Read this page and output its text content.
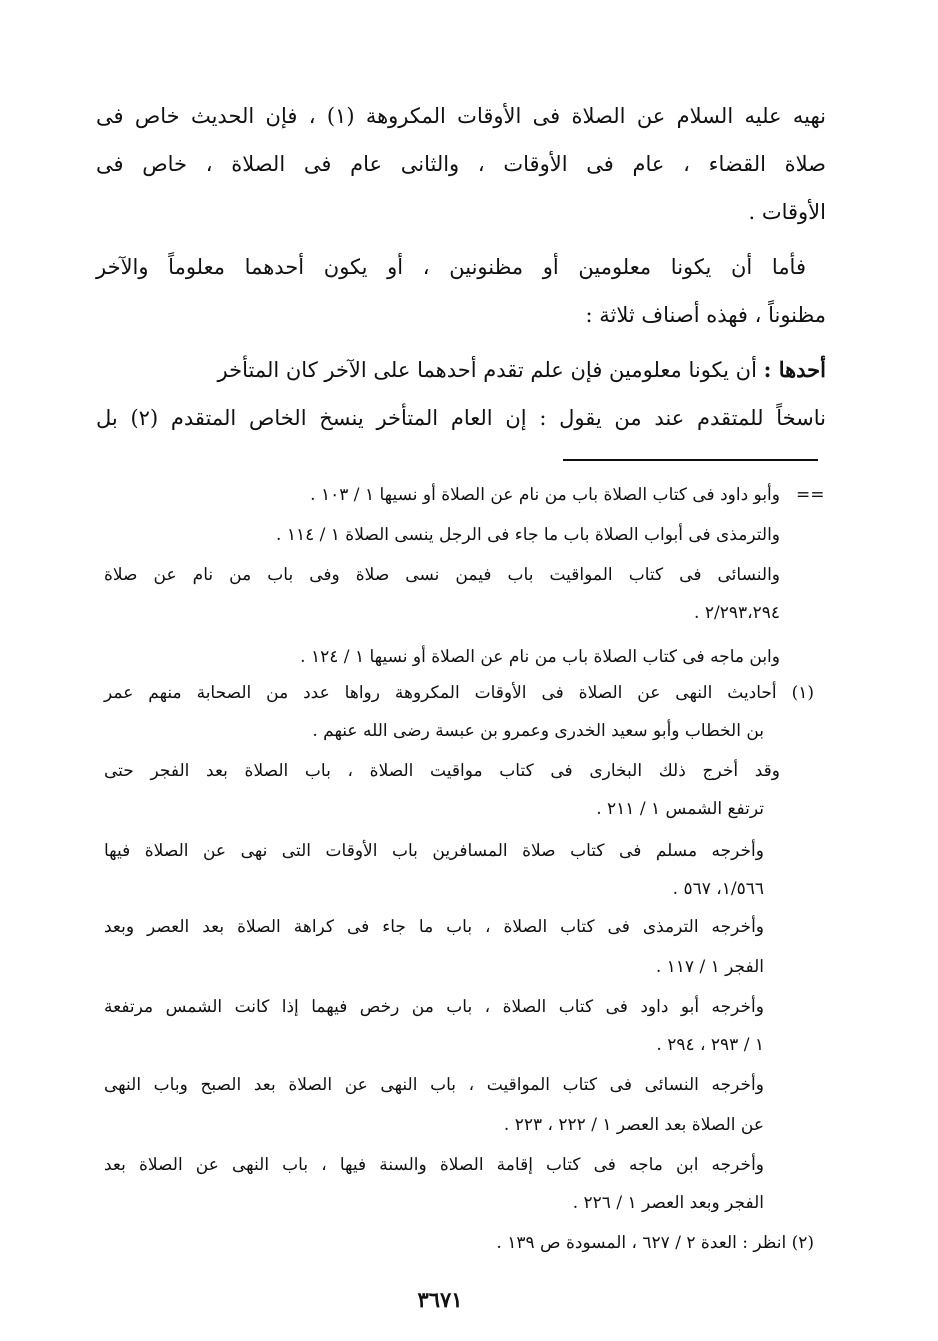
نهيه عليه السلام عن الصلاة فى الأوقات المكروهة (١) ، فإن الحديث خاص فى
صلاة القضاء ، عام فى الأوقات ، والثانى عام فى الصلاة ، خاص فى
الأوقات .
فأما أن يكونا معلومين أو مظنونين ، أو يكون أحدهما معلوماً والآخر
مظنوناً ، فهذه أصناف ثلاثة :
أحدها : أن يكونا معلومين فإن علم تقدم أحدهما على الآخر كان المتأخر
ناسخاً للمتقدم عند من يقول : إن العام المتأخر ينسخ الخاص المتقدم (٢) بل
==
وأبو داود فى كتاب الصلاة باب من نام عن الصلاة أو نسيها ١ / ١٠٣ .
والترمذى فى أبواب الصلاة باب ما جاء فى الرجل ينسى الصلاة ١ / ١١٤ .
والنسائى فى كتاب المواقيت باب فيمن نسى صلاة وفى باب من نام عن صلاة
٢/٢٩٣،٢٩٤ .
وابن ماجه فى كتاب الصلاة باب من نام عن الصلاة أو نسيها ١ / ١٢٤ .
(١) أحاديث النهى عن الصلاة فى الأوقات المكروهة رواها عدد من الصحابة منهم عمر
بن الخطاب وأبو سعيد الخدرى وعمرو بن عبسة رضى الله عنهم .
وقد أخرج ذلك البخارى فى كتاب مواقيت الصلاة ، باب الصلاة بعد الفجر حتى
ترتفع الشمس ١ / ٢١١ .
وأخرجه مسلم فى كتاب صلاة المسافرين باب الأوقات التى نهى عن الصلاة فيها
١/٥٦٦، ٥٦٧ .
وأخرجه الترمذى فى كتاب الصلاة ، باب ما جاء فى كراهة الصلاة بعد العصر وبعد
الفجر ١ / ١١٧ .
وأخرجه أبو داود فى كتاب الصلاة ، باب من رخص فيهما إذا كانت الشمس مرتفعة
١ / ٢٩٣ ، ٢٩٤ .
وأخرجه النسائى فى كتاب المواقيت ، باب النهى عن الصلاة بعد الصبح وباب النهى
عن الصلاة بعد العصر ١ / ٢٢٢ ، ٢٢٣ .
وأخرجه ابن ماجه فى كتاب إقامة الصلاة والسنة فيها ، باب النهى عن الصلاة بعد
الفجر وبعد العصر ١ / ٢٢٦ .
(٢) انظر : العدة ٢ / ٦٢٧ ، المسودة ص ١٣٩ .
٣٦٧١
